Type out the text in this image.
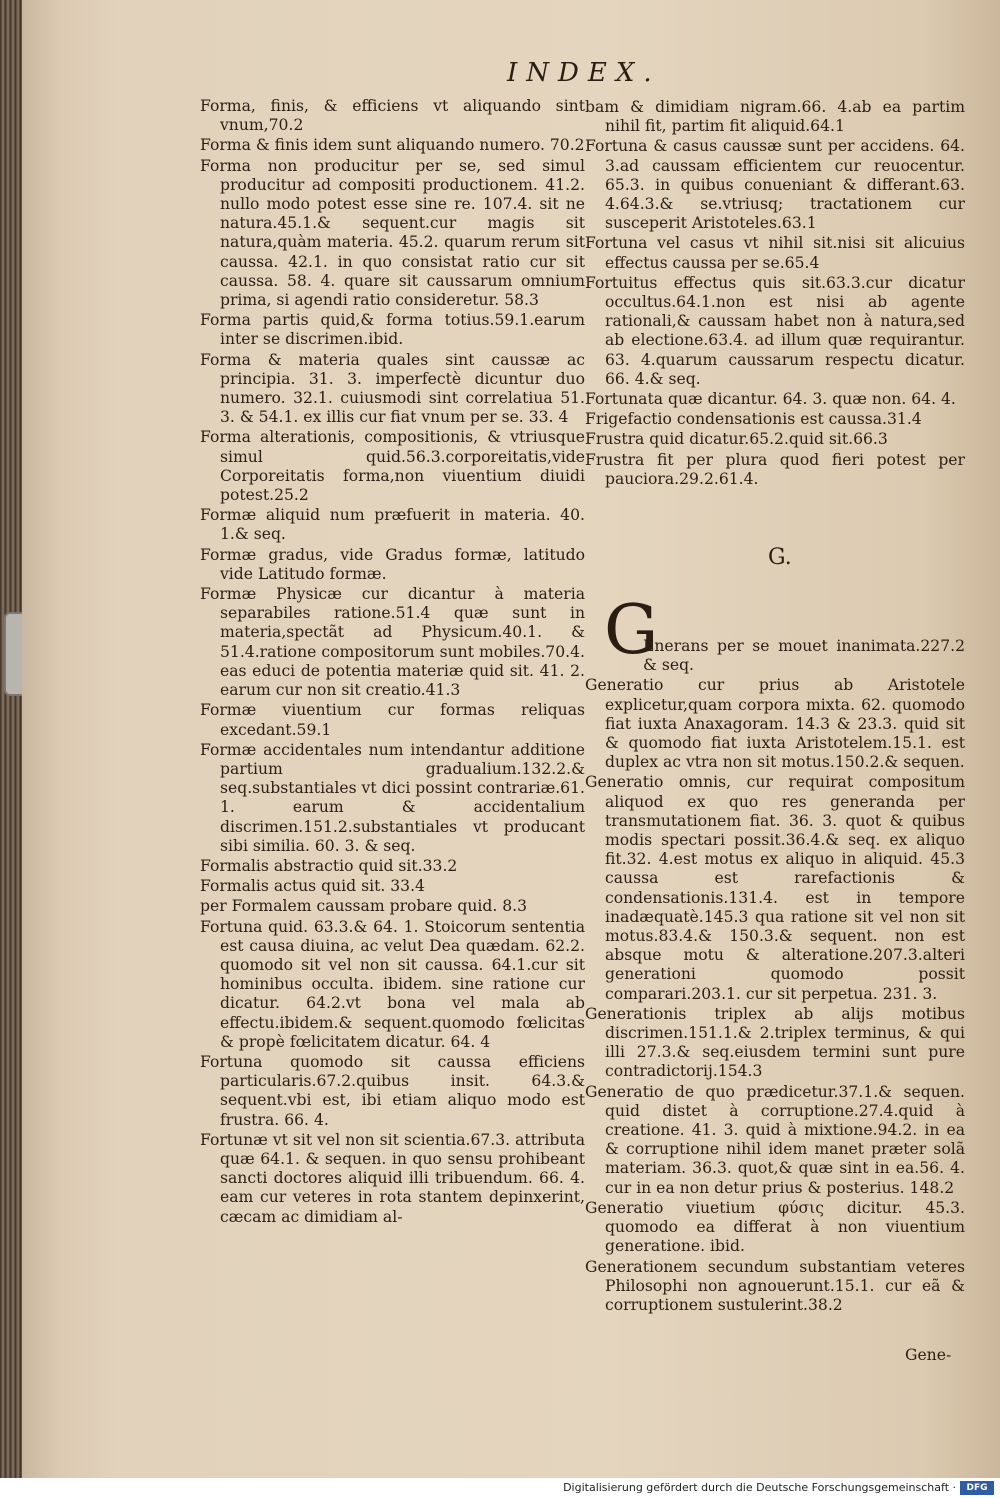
INDEX.

Forma, finis, & efficiens vt aliquando sint vnum,70.2

Forma & finis idem sunt aliquando numero. 70.2

Forma non producitur per se, sed simul producitur ad compositi productionem. 41.2. nullo modo potest esse sine re. 107.4. sit ne natura.45.1.& sequent.cur magis sit natura,quàm materia. 45.2. quarum rerum sit caussa. 42.1. in quo consistat ratio cur sit caussa. 58. 4. quare sit caussarum omnium prima, si agendi ratio consideretur. 58.3

Forma partis quid,& forma totius.59.1.earum inter se discrimen.ibid.

Forma & materia quales sint caussæ ac principia. 31. 3. imperfectè dicuntur duo numero. 32.1. cuiusmodi sint correlatiua 51. 3. & 54.1. ex illis cur fiat vnum per se. 33. 4

Forma alterationis, compositionis, & vtriusque simul quid.56.3.corporeitatis,vide Corporeitatis forma,non viuentium diuidi potest.25.2

Formæ aliquid num præfuerit in materia. 40. 1.& seq.

Formæ gradus, vide Gradus formæ, latitudo vide Latitudo formæ.

Formæ Physicæ cur dicantur à materia separabiles ratione.51.4 quæ sunt in materia,spectãt ad Physicum.40.1. & 51.4.ratione compositorum sunt mobiles.70.4. eas educi de potentia materiæ quid sit. 41. 2. earum cur non sit creatio.41.3

Formæ viuentium cur formas reliquas excedant.59.1

Formæ accidentales num intendantur additione partium gradualium.132.2.& seq.substantiales vt dici possint contrariæ.61. 1. earum & accidentalium discrimen.151.2.substantiales vt producant sibi similia. 60. 3. & seq.

Formalis abstractio quid sit.33.2

Formalis actus quid sit. 33.4

per Formalem caussam probare quid. 8.3

Fortuna quid. 63.3.& 64. 1. Stoicorum sententia est causa diuina, ac velut Dea quædam. 62.2. quomodo sit vel non sit caussa. 64.1.cur sit hominibus occulta. ibidem. sine ratione cur dicatur. 64.2.vt bona vel mala ab effectu.ibidem.& sequent.quomodo fœlicitas & propè fœlicitatem dicatur. 64. 4

Fortuna quomodo sit caussa efficiens particularis.67.2.quibus insit. 64.3.& sequent.vbi est, ibi etiam aliquo modo est frustra. 66. 4.

Fortunæ vt sit vel non sit scientia.67.3. attributa quæ 64.1. & sequen. in quo sensu prohibeant sancti doctores aliquid illi tribuendum. 66. 4. eam cur veteres in rota stantem depinxerint, cæcam ac dimidiam al-

bam & dimidiam nigram.66. 4.ab ea partim nihil fit, partim fit aliquid.64.1

Fortuna & casus caussæ sunt per accidens. 64. 3.ad caussam efficientem cur reuocentur. 65.3. in quibus conueniant & differant.63. 4.64.3.& se.vtriusq; tractationem cur susceperit Aristoteles.63.1

Fortuna vel casus vt nihil sit.nisi sit alicuius effectus caussa per se.65.4

Fortuitus effectus quis sit.63.3.cur dicatur occultus.64.1.non est nisi ab agente rationali,& caussam habet non à natura,sed ab electione.63.4. ad illum quæ requirantur. 63. 4.quarum caussarum respectu dicatur. 66. 4.& seq.

Fortunata quæ dicantur. 64. 3. quæ non. 64. 4.

Frigefactio condensationis est caussa.31.4

Frustra quid dicatur.65.2.quid sit.66.3

Frustra fit per plura quod fieri potest per pauciora.29.2.61.4.

G.
G

Enerans per se mouet inanimata.227.2 & seq.

Generatio cur prius ab Aristotele explicetur,quam corpora mixta. 62. quomodo fiat iuxta Anaxagoram. 14.3 & 23.3. quid sit & quomodo fiat iuxta Aristotelem.15.1. est duplex ac vtra non sit motus.150.2.& sequen.

Generatio omnis, cur requirat compositum aliquod ex quo res generanda per transmutationem fiat. 36. 3. quot & quibus modis spectari possit.36.4.& seq. ex aliquo fit.32. 4.est motus ex aliquo in aliquid. 45.3 caussa est rarefactionis & condensationis.131.4. est in tempore inadæquatè.145.3 qua ratione sit vel non sit motus.83.4.& 150.3.& sequent. non est absque motu & alteratione.207.3.alteri generationi quomodo possit comparari.203.1. cur sit perpetua. 231. 3.

Generationis triplex ab alijs motibus discrimen.151.1.& 2.triplex terminus, & qui illi 27.3.& seq.eiusdem termini sunt pure contradictorij.154.3

Generatio de quo prædicetur.37.1.& sequen. quid distet à corruptione.27.4.quid à creatione. 41. 3. quid à mixtione.94.2. in ea & corruptione nihil idem manet præter solã materiam. 36.3. quot,& quæ sint in ea.56. 4. cur in ea non detur prius & posterius. 148.2

Generatio viuetium φύσις dicitur. 45.3. quomodo ea differat à non viuentium generatione. ibid.

Generationem secundum substantiam veteres Philosophi non agnouerunt.15.1. cur eã & corruptionem sustulerint.38.2

Gene-
Digitalisierung gefördert durch die Deutsche Forschungsgemeinschaft ·	DFG
